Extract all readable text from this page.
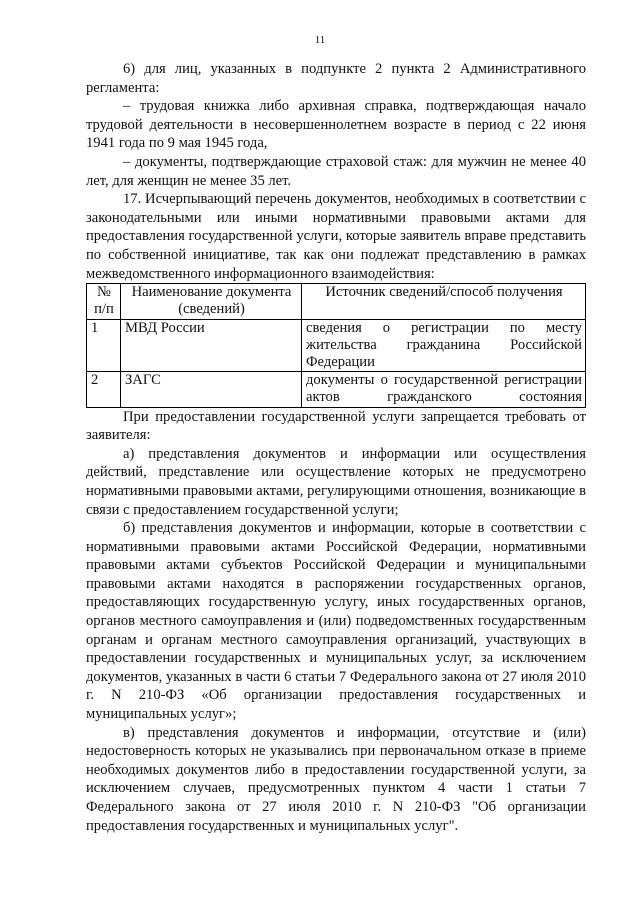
11

6) для лиц, указанных в подпункте 2 пункта 2 Административного регламента:

– трудовая книжка либо архивная справка, подтверждающая начало трудовой деятельности в несовершеннолетнем возрасте в период с 22 июня 1941 года по 9 мая 1945 года,

– документы, подтверждающие страховой стаж: для мужчин не менее 40 лет, для женщин не менее 35 лет.

17. Исчерпывающий перечень документов, необходимых в соответствии с законодательными или иными нормативными правовыми актами для предоставления государственной услуги, которые заявитель вправе представить по собственной инициативе, так как они подлежат представлению в рамках межведомственного информационного взаимодействия:

№ п/п	Наименование документа (сведений)	Источник сведений/способ получения
1	МВД России	сведения о регистрации по месту жительства гражданина Российской Федерации

2	ЗАГС	документы о государственной регистрации актов гражданского состояния

При предоставлении государственной услуги запрещается требовать от заявителя:

а) представления документов и информации или осуществления действий, представление или осуществление которых не предусмотрено нормативными правовыми актами, регулирующими отношения, возникающие в связи с предоставлением государственной услуги;

б) представления документов и информации, которые в соответствии с нормативными правовыми актами Российской Федерации, нормативными правовыми актами субъектов Российской Федерации и муниципальными правовыми актами находятся в распоряжении государственных органов, предоставляющих государственную услугу, иных государственных органов, органов местного самоуправления и (или) подведомственных государственным органам и органам местного самоуправления организаций, участвующих в предоставлении государственных и муниципальных услуг, за исключением документов, указанных в части 6 статьи 7 Федерального закона от 27 июля 2010 г. N 210-ФЗ «Об организации предоставления государственных и муниципальных услуг»;

в) представления документов и информации, отсутствие и (или) недостоверность которых не указывались при первоначальном отказе в приеме необходимых документов либо в предоставлении государственной услуги, за исключением случаев, предусмотренных пунктом 4 части 1 статьи 7 Федерального закона от 27 июля 2010 г. N 210-ФЗ "Об организации предоставления государственных и муниципальных услуг".
